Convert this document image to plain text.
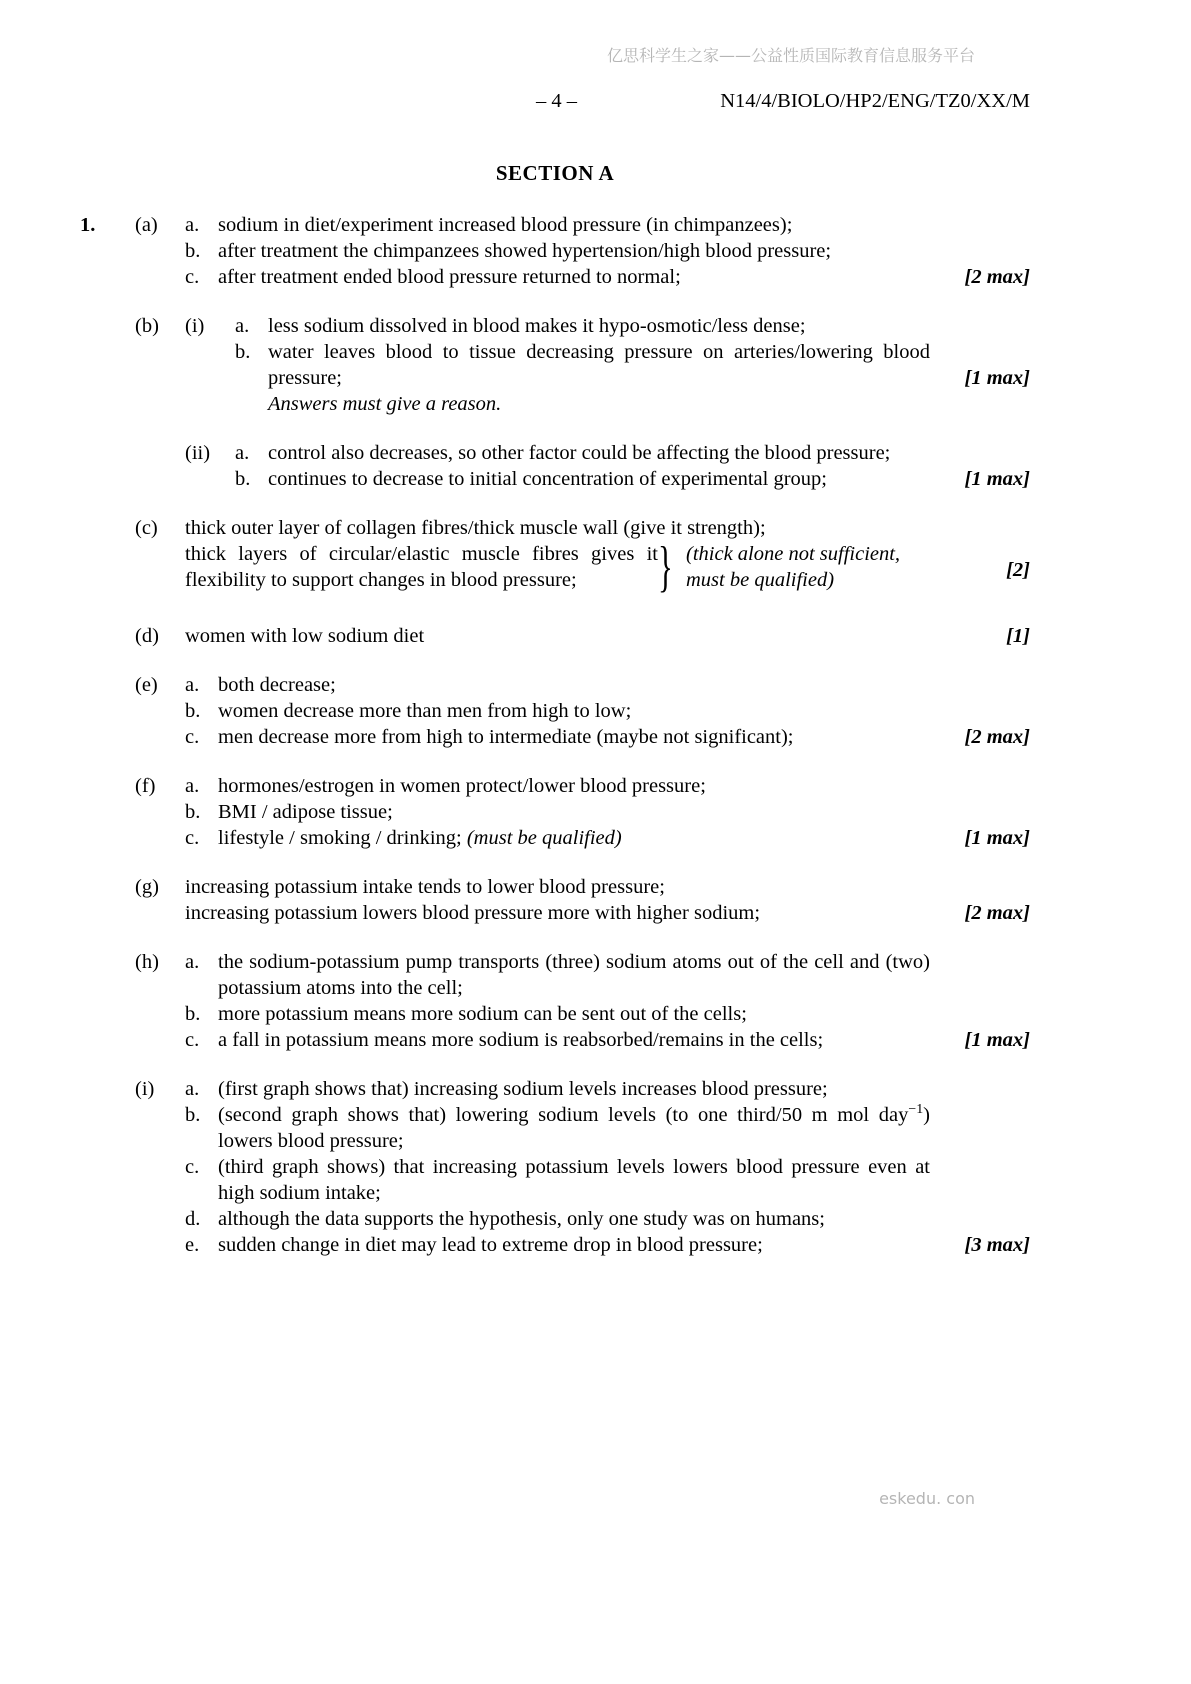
亿思科学生之家——公益性质国际教育信息服务平台
– 4 –	N14/4/BIOLO/HP2/ENG/TZ0/XX/M
SECTION A
1. (a)	a. sodium in diet/experiment increased blood pressure (in chimpanzees);
b. after treatment the chimpanzees showed hypertension/high blood pressure;
c. after treatment ended blood pressure returned to normal;	[2 max]
(b)	(i)	a. less sodium dissolved in blood makes it hypo-osmotic/less dense;
b. water leaves blood to tissue decreasing pressure on arteries/lowering blood pressure;	[1 max]
Answers must give a reason.
(ii)	a. control also decreases, so other factor could be affecting the blood pressure;
b. continues to decrease to initial concentration of experimental group;	[1 max]
(c)	thick outer layer of collagen fibres/thick muscle wall (give it strength);
thick layers of circular/elastic muscle fibres gives it
flexibility to support changes in blood pressure;	} (thick alone not sufficient,
must be qualified)	[2]
(d)	women with low sodium diet	[1]
(e)	a. both decrease;
b. women decrease more than men from high to low;
c. men decrease more from high to intermediate (maybe not significant);	[2 max]
(f)	a. hormones/estrogen in women protect/lower blood pressure;
b. BMI / adipose tissue;
c. lifestyle / smoking / drinking; (must be qualified)	[1 max]
(g)	increasing potassium intake tends to lower blood pressure;
increasing potassium lowers blood pressure more with higher sodium;	[2 max]
(h)	a. the sodium-potassium pump transports (three) sodium atoms out of the cell and (two) potassium atoms into the cell;
b. more potassium means more sodium can be sent out of the cells;
c. a fall in potassium means more sodium is reabsorbed/remains in the cells;	[1 max]
(i)	a. (first graph shows that) increasing sodium levels increases blood pressure;
b. (second graph shows that) lowering sodium levels (to one third/50 m mol day$^{-1}$) lowers blood pressure;
c. (third graph shows) that increasing potassium levels lowers blood pressure even at high sodium intake;
d. although the data supports the hypothesis, only one study was on humans;
e. sudden change in diet may lead to extreme drop in blood pressure;	[3 max]
eskedu. con
